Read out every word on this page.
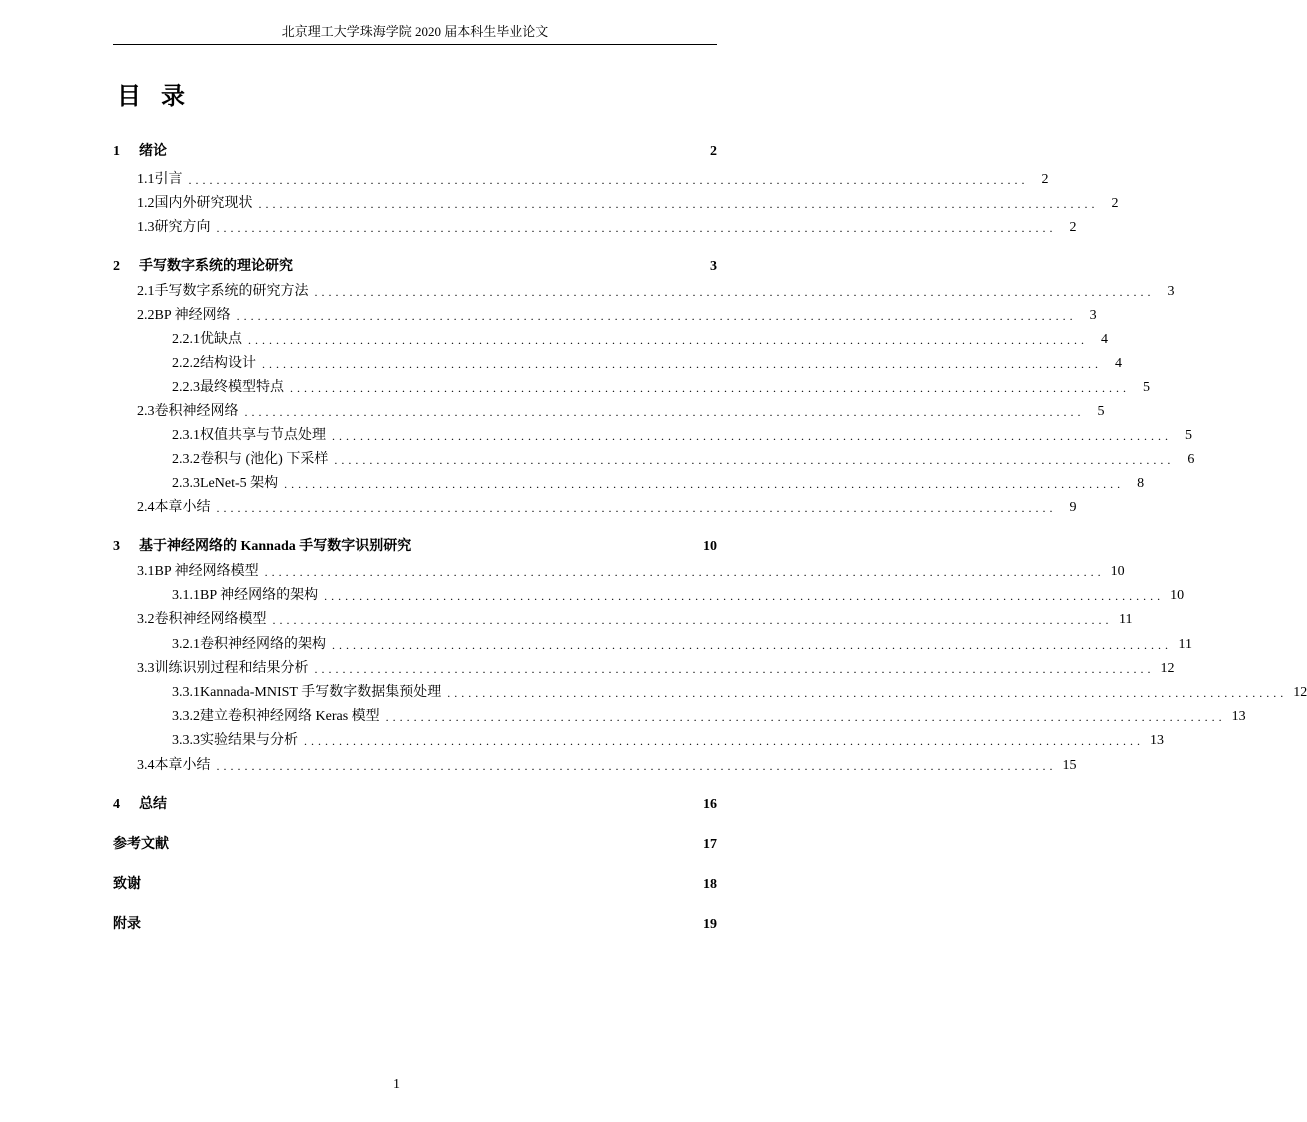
北京理工大学珠海学院 2020 届本科生毕业论文
目录
1	绪论	2
1.1 引言 ........................................................................................................................ 2
1.2 国内外研究现状 ........................................................................................................................ 2
1.3 研究方向 ........................................................................................................................ 2
2	手写数字系统的理论研究	3
2.1 手写数字系统的研究方法 ........................................................................................................................ 3
2.2 BP 神经网络 ........................................................................................................................ 3
2.2.1 优缺点 ........................................................................................................................ 4
2.2.2 结构设计 ........................................................................................................................ 4
2.2.3 最终模型特点 ........................................................................................................................ 5
2.3 卷积神经网络 ........................................................................................................................ 5
2.3.1 权值共享与节点处理 ........................................................................................................................ 5
2.3.2 卷积与 (池化) 下采样 ........................................................................................................................ 6
2.3.3 LeNet-5 架构 ........................................................................................................................ 8
2.4 本章小结 ........................................................................................................................ 9
3	基于神经网络的 Kannada 手写数字识别研究	10
3.1 BP 神经网络模型 ........................................................................................................................ 10
3.1.1 BP 神经网络的架构 ........................................................................................................................ 10
3.2 卷积神经网络模型 ........................................................................................................................ 11
3.2.1 卷积神经网络的架构 ........................................................................................................................ 11
3.3 训练识别过程和结果分析 ........................................................................................................................ 12
3.3.1 Kannada-MNIST 手写数字数据集预处理 ........................................................................................................................ 12
3.3.2 建立卷积神经网络 Keras 模型 ........................................................................................................................ 13
3.3.3 实验结果与分析 ........................................................................................................................ 13
3.4 本章小结 ........................................................................................................................ 15
4	总结	16
参考文献	17
致谢	18
附录	19
1
